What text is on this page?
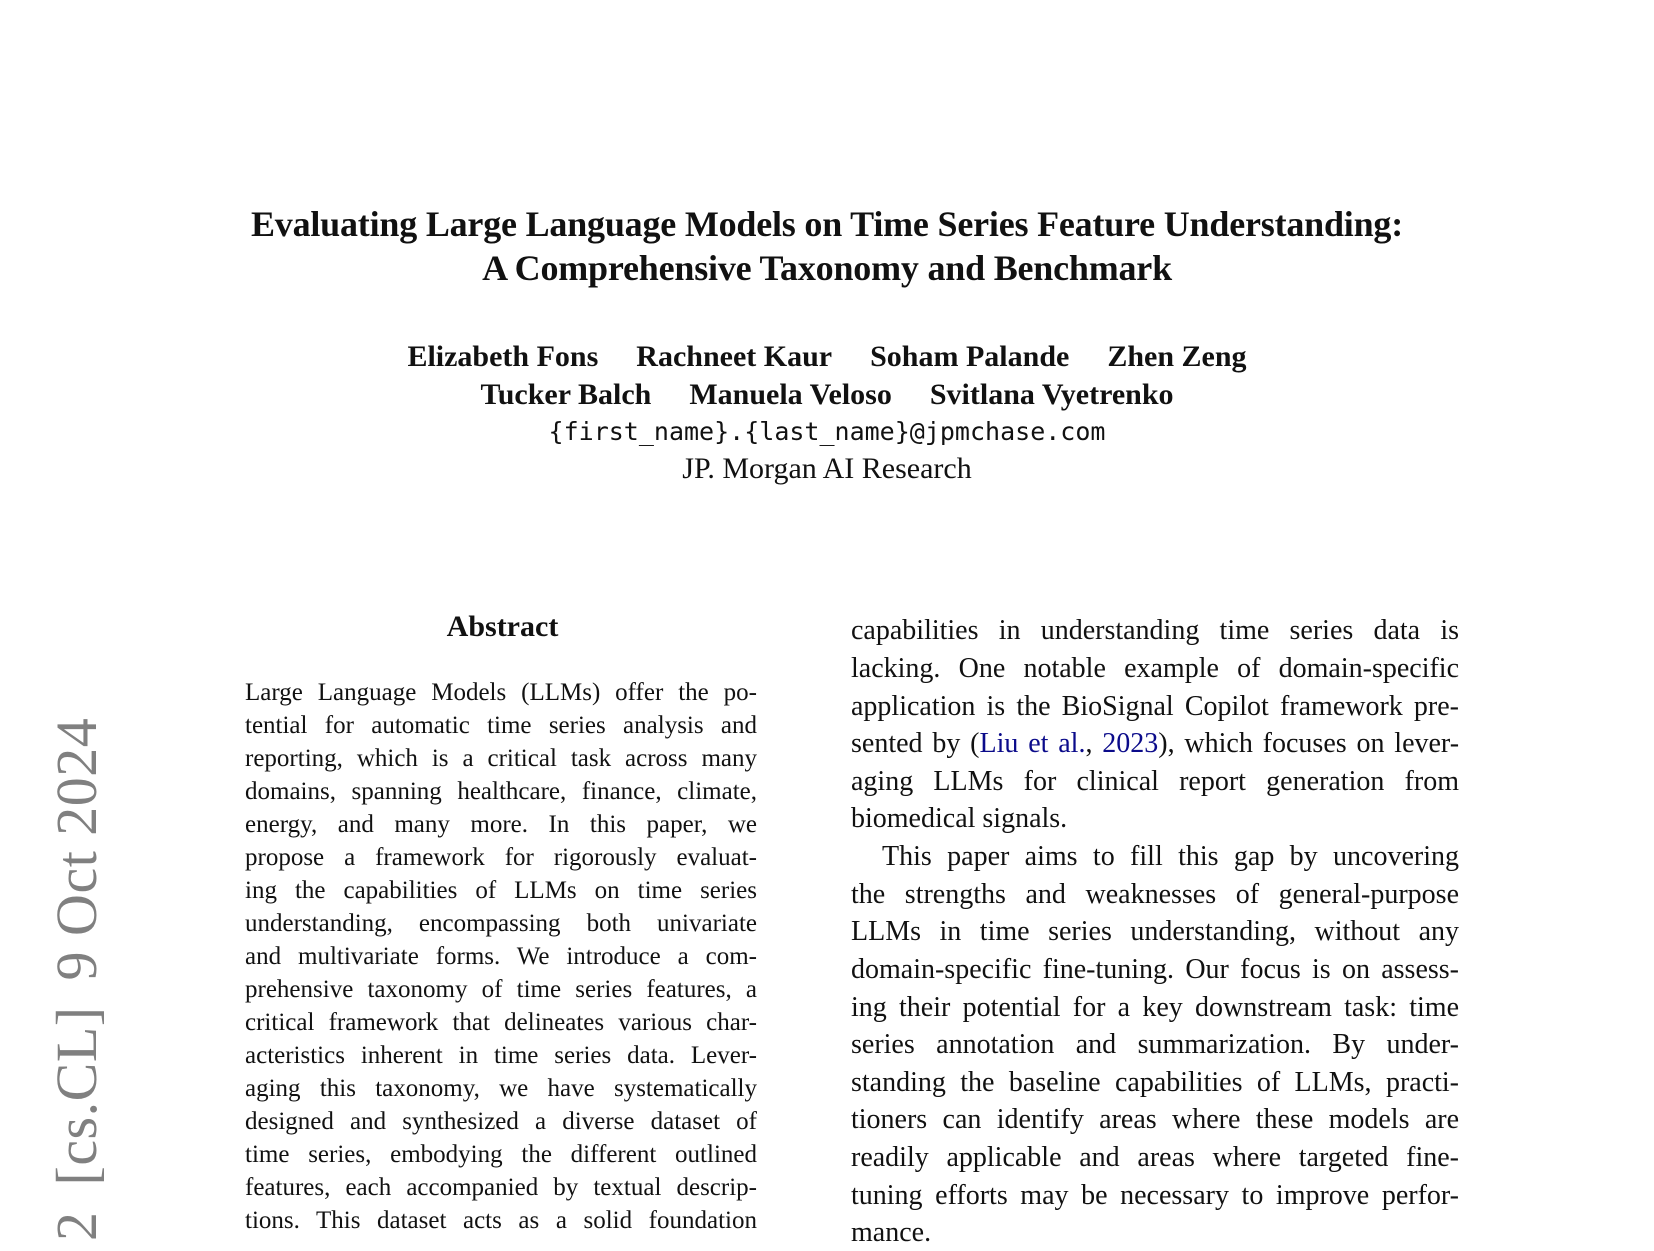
Evaluating Large Language Models on Time Series Feature Understanding:
A Comprehensive Taxonomy and Benchmark
Elizabeth Fons Rachneet Kaur Soham Palande Zhen Zeng
Tucker Balch Manuela Veloso Svitlana Vyetrenko
{first_name}.{last_name}@jpmchase.com
JP. Morgan AI Research
2[cs.CL]9 Oct 2024
Abstract
Large Language Models (LLMs) offer the po-
tential for automatic time series analysis and
reporting, which is a critical task across many
domains, spanning healthcare, finance, climate,
energy, and many more. In this paper, we
propose a framework for rigorously evaluat-
ing the capabilities of LLMs on time series
understanding, encompassing both univariate
and multivariate forms. We introduce a com-
prehensive taxonomy of time series features, a
critical framework that delineates various char-
acteristics inherent in time series data. Lever-
aging this taxonomy, we have systematically
designed and synthesized a diverse dataset of
time series, embodying the different outlined
features, each accompanied by textual descrip-
tions. This dataset acts as a solid foundation
capabilities in understanding time series data is
lacking. One notable example of domain-specific
application is the BioSignal Copilot framework pre-
sented by (Liu et al., 2023), which focuses on lever-
aging LLMs for clinical report generation from
biomedical signals.
This paper aims to fill this gap by uncovering
the strengths and weaknesses of general-purpose
LLMs in time series understanding, without any
domain-specific fine-tuning. Our focus is on assess-
ing their potential for a key downstream task: time
series annotation and summarization. By under-
standing the baseline capabilities of LLMs, practi-
tioners can identify areas where these models are
readily applicable and areas where targeted fine-
tuning efforts may be necessary to improve perfor-
mance.
